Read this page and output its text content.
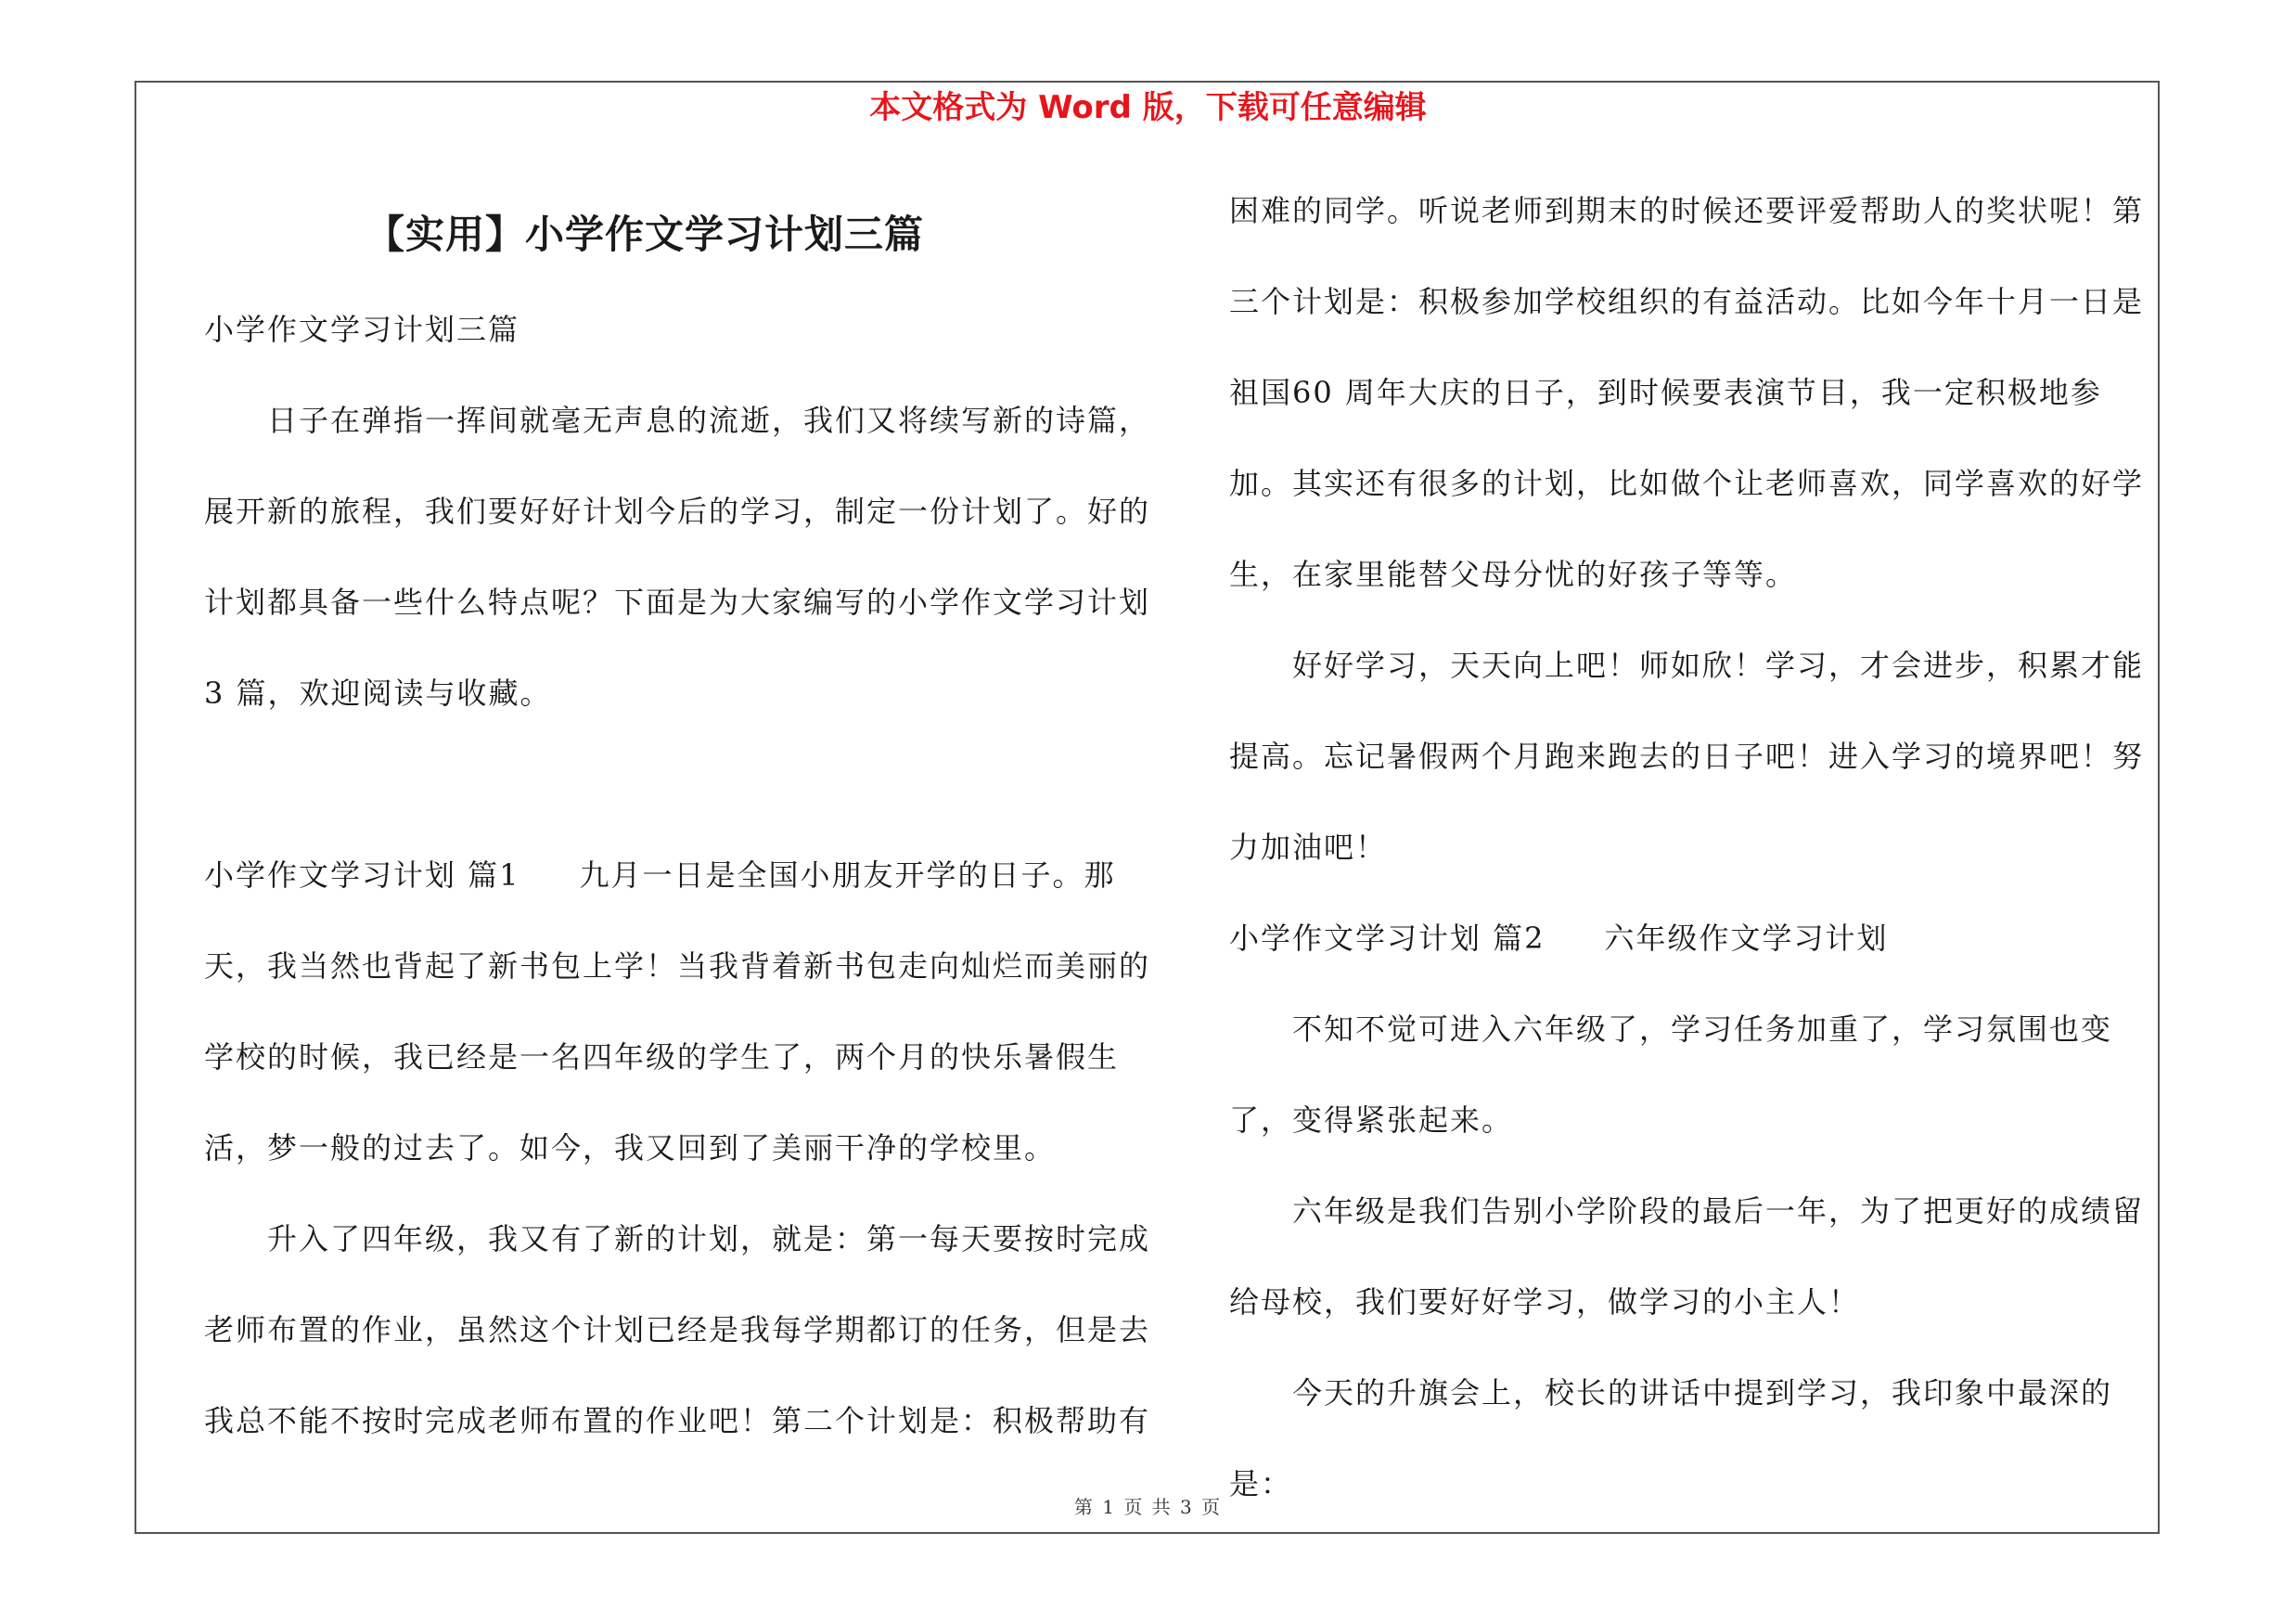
本文格式为 Word 版，下载可任意编辑
【实用】小学作文学习计划三篇

小学作文学习计划三篇

日子在弹指一挥间就毫无声息的流逝，我们又将续写新的诗篇，展开新的旅程，我们要好好计划今后的学习，制定一份计划了。好的计划都具备一些什么特点呢？下面是为大家编写的小学作文学习计划3 篇，欢迎阅读与收藏。

小学作文学习计划 篇1 九月一日是全国小朋友开学的日子。那天，我当然也背起了新书包上学！当我背着新书包走向灿烂而美丽的学校的时候，我已经是一名四年级的学生了，两个月的快乐暑假生活，梦一般的过去了。如今，我又回到了美丽干净的学校里。

升入了四年级，我又有了新的计划，就是：第一每天要按时完成老师布置的作业，虽然这个计划已经是我每学期都订的任务，但是去我总不能不按时完成老师布置的作业吧！第二个计划是：积极帮助有

困难的同学。听说老师到期末的时候还要评爱帮助人的奖状呢！第三个计划是：积极参加学校组织的有益活动。比如今年十月一日是祖国60 周年大庆的日子，到时候要表演节目，我一定积极地参加。其实还有很多的计划，比如做个让老师喜欢，同学喜欢的好学生，在家里能替父母分忧的好孩子等等。

好好学习，天天向上吧！师如欣！学习，才会进步，积累才能提高。忘记暑假两个月跑来跑去的日子吧！进入学习的境界吧！努力加油吧！

小学作文学习计划 篇2 六年级作文学习计划

不知不觉可进入六年级了，学习任务加重了，学习氛围也变了，变得紧张起来。

六年级是我们告别小学阶段的最后一年，为了把更好的成绩留给母校，我们要好好学习，做学习的小主人！

今天的升旗会上，校长的讲话中提到学习，我印象中最深的是：

第 1 页 共 3 页
